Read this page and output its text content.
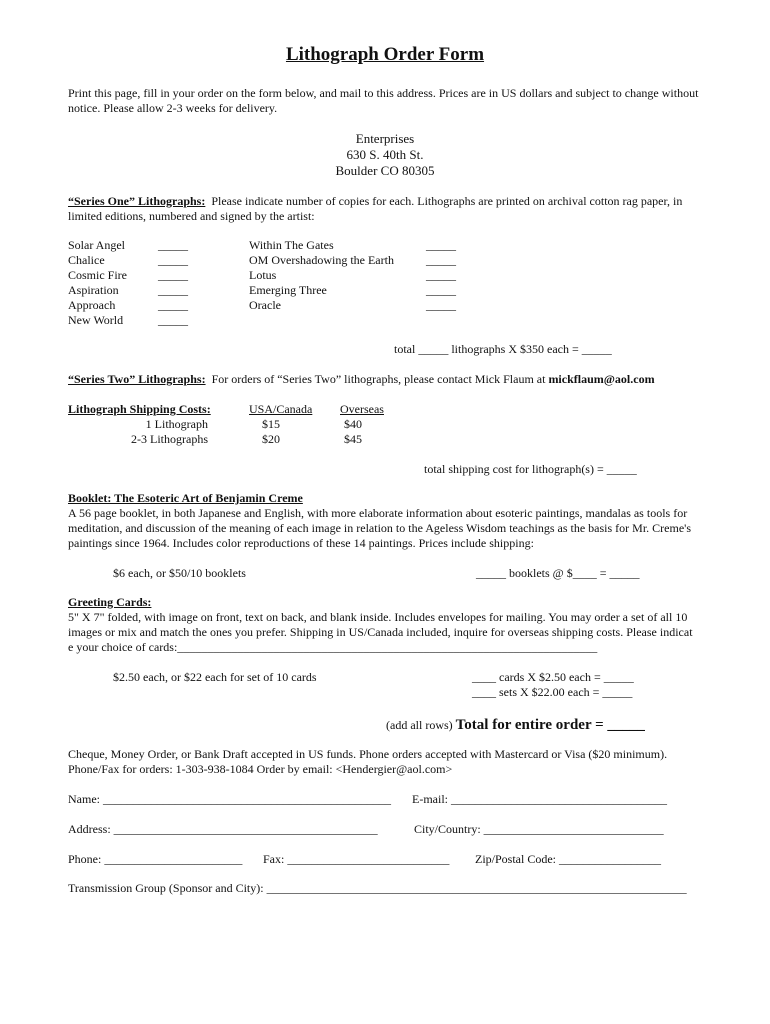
Lithograph Order Form
Print this page, fill in your order on the form below, and mail to this address. Prices are in US dollars and subject to change without notice. Please allow 2-3 weeks for delivery.
Enterprises
630 S. 40th St.
Boulder CO 80305
“Series One” Lithographs: Please indicate number of copies for each. Lithographs are printed on archival cotton rag paper, in limited editions, numbered and signed by the artist:
Solar Angel	_____
Chalice	_____
Cosmic Fire	_____
Aspiration	_____
Approach	_____
New World	_____
Within The Gates	_____
OM Overshadowing the Earth	_____
Lotus	_____
Emerging Three	_____
Oracle	_____
total _____ lithographs X $350 each = _____
“Series Two” Lithographs: For orders of “Series Two” lithographs, please contact Mick Flaum at mickflaum@aol.com
Lithograph Shipping Costs:	USA/Canada Overseas
1 Lithograph	$15	$40
2-3 Lithographs	$20	$45
total shipping cost for lithograph(s) = _____
Booklet: The Esoteric Art of Benjamin Creme
A 56 page booklet, in both Japanese and English, with more elaborate information about esoteric paintings, mandalas as tools for meditation, and discussion of the meaning of each image in relation to the Ageless Wisdom teachings as the basis for Mr. Creme's paintings since 1964. Includes color reproductions of these 14 paintings. Prices include shipping:
$6 each, or $50/10 booklets	_____ booklets @ $____ = _____
Greeting Cards:
5" X 7" folded, with image on front, text on back, and blank inside. Includes envelopes for mailing. You may order a set of all 10 images or mix and match the ones you prefer. Shipping in US/Canada included, inquire for overseas shipping costs. Please indicate your choice of cards:______________________________________________________________________
$2.50 each, or $22 each for set of 10 cards	____ cards X $2.50 each = _____
____ sets X $22.00 each = _____
(add all rows) Total for entire order = _____
Cheque, Money Order, or Bank Draft accepted in US funds. Phone orders accepted with Mastercard or Visa ($20 minimum).
Phone/Fax for orders: 1-303-938-1084 Order by email: <Hendergier@aol.com>
Name: ________________________________________________ E-mail: ____________________________________
Address: ____________________________________________	City/Country: ______________________________
Phone: _______________________ Fax: ___________________________ Zip/Postal Code: _________________
Transmission Group (Sponsor and City): ______________________________________________________________________
